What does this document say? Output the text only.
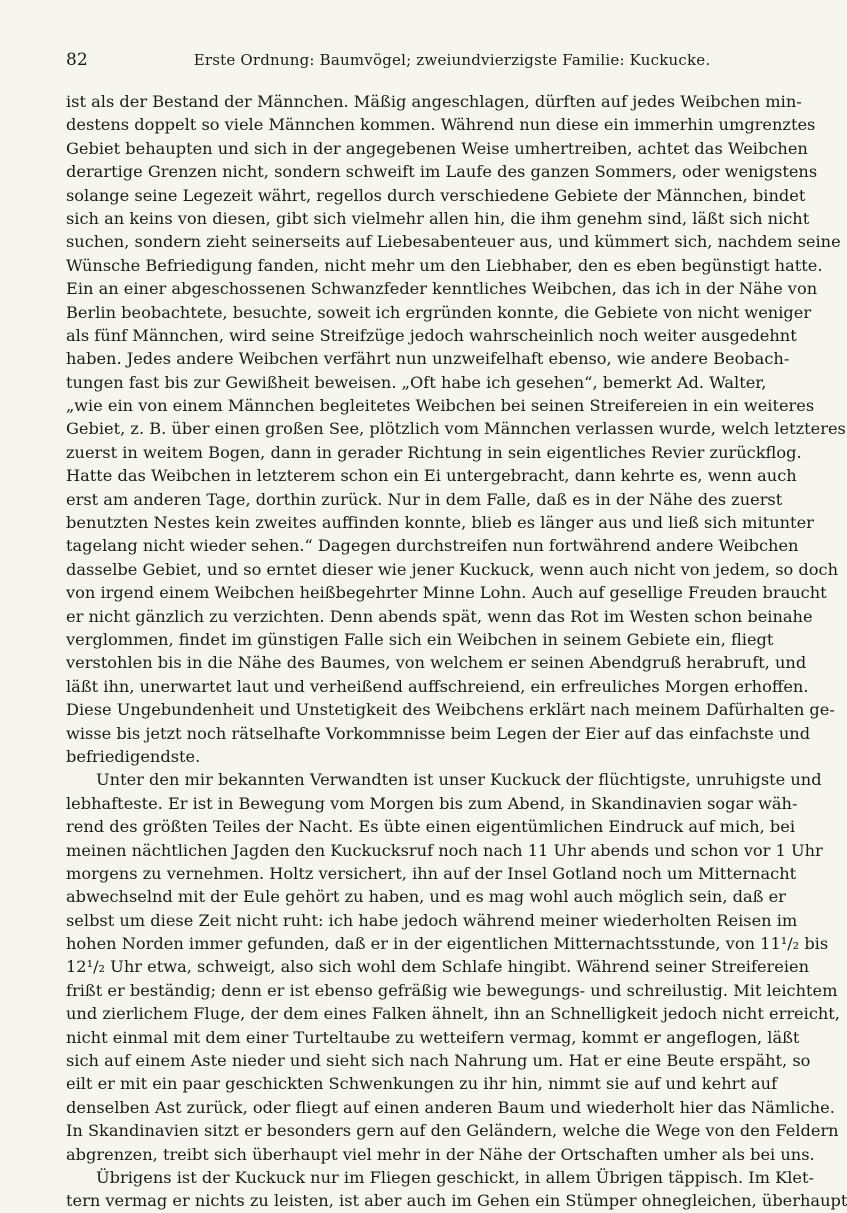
82	Erste Ordnung: Baumvögel; zweiundvierzigste Familie: Kuckucke.
ist als der Bestand der Männchen. Mäßig angeschlagen, dürften auf jedes Weibchen min-
destens doppelt so viele Männchen kommen. Während nun diese ein immerhin umgrenztes
Gebiet behaupten und sich in der angegebenen Weise umhertreiben, achtet das Weibchen
derartige Grenzen nicht, sondern schweift im Laufe des ganzen Sommers, oder wenigstens
solange seine Legezeit währt, regellos durch verschiedene Gebiete der Männchen, bindet
sich an keins von diesen, gibt sich vielmehr allen hin, die ihm genehm sind, läßt sich nicht
suchen, sondern zieht seinerseits auf Liebesabenteuer aus, und kümmert sich, nachdem seine
Wünsche Befriedigung fanden, nicht mehr um den Liebhaber, den es eben begünstigt hatte.
Ein an einer abgeschossenen Schwanzfeder kenntliches Weibchen, das ich in der Nähe von
Berlin beobachtete, besuchte, soweit ich ergründen konnte, die Gebiete von nicht weniger
als fünf Männchen, wird seine Streifzüge jedoch wahrscheinlich noch weiter ausgedehnt
haben. Jedes andere Weibchen verfährt nun unzweifelhaft ebenso, wie andere Beobach-
tungen fast bis zur Gewißheit beweisen. „Oft habe ich gesehen“, bemerkt Ad. Walter,
„wie ein von einem Männchen begleitetes Weibchen bei seinen Streifereien in ein weiteres
Gebiet, z. B. über einen großen See, plötzlich vom Männchen verlassen wurde, welch letzteres
zuerst in weitem Bogen, dann in gerader Richtung in sein eigentliches Revier zurückflog.
Hatte das Weibchen in letzterem schon ein Ei untergebracht, dann kehrte es, wenn auch
erst am anderen Tage, dorthin zurück. Nur in dem Falle, daß es in der Nähe des zuerst
benutzten Nestes kein zweites auffinden konnte, blieb es länger aus und ließ sich mitunter
tagelang nicht wieder sehen.“ Dagegen durchstreifen nun fortwährend andere Weibchen
dasselbe Gebiet, und so erntet dieser wie jener Kuckuck, wenn auch nicht von jedem, so doch
von irgend einem Weibchen heißbegehrter Minne Lohn. Auch auf gesellige Freuden braucht
er nicht gänzlich zu verzichten. Denn abends spät, wenn das Rot im Westen schon beinahe
verglommen, findet im günstigen Falle sich ein Weibchen in seinem Gebiete ein, fliegt
verstohlen bis in die Nähe des Baumes, von welchem er seinen Abendgruß herabruft, und
läßt ihn, unerwartet laut und verheißend auffschreiend, ein erfreuliches Morgen erhoffen.
Diese Ungebundenheit und Unstetigkeit des Weibchens erklärt nach meinem Dafürhalten ge-
wisse bis jetzt noch rätselhafte Vorkommnisse beim Legen der Eier auf das einfachste und
befriedigendste.
Unter den mir bekannten Verwandten ist unser Kuckuck der flüchtigste, unruhigste und
lebhafteste. Er ist in Bewegung vom Morgen bis zum Abend, in Skandinavien sogar wäh-
rend des größten Teiles der Nacht. Es übte einen eigentümlichen Eindruck auf mich, bei
meinen nächtlichen Jagden den Kuckucksruf noch nach 11 Uhr abends und schon vor 1 Uhr
morgens zu vernehmen. Holtz versichert, ihn auf der Insel Gotland noch um Mitternacht
abwechselnd mit der Eule gehört zu haben, und es mag wohl auch möglich sein, daß er
selbst um diese Zeit nicht ruht: ich habe jedoch während meiner wiederholten Reisen im
hohen Norden immer gefunden, daß er in der eigentlichen Mitternachtsstunde, von 11¹/₂ bis
12¹/₂ Uhr etwa, schweigt, also sich wohl dem Schlafe hingibt. Während seiner Streifereien
frißt er beständig; denn er ist ebenso gefräßig wie bewegungs- und schreilustig. Mit leichtem
und zierlichem Fluge, der dem eines Falken ähnelt, ihn an Schnelligkeit jedoch nicht erreicht,
nicht einmal mit dem einer Turteltaube zu wetteifern vermag, kommt er angeflogen, läßt
sich auf einem Aste nieder und sieht sich nach Nahrung um. Hat er eine Beute erspäht, so
eilt er mit ein paar geschickten Schwenkungen zu ihr hin, nimmt sie auf und kehrt auf
denselben Ast zurück, oder fliegt auf einen anderen Baum und wiederholt hier das Nämliche.
In Skandinavien sitzt er besonders gern auf den Geländern, welche die Wege von den Feldern
abgrenzen, treibt sich überhaupt viel mehr in der Nähe der Ortschaften umher als bei uns.
Übrigens ist der Kuckuck nur im Fliegen geschickt, in allem Übrigen täppisch. Im Klet-
tern vermag er nichts zu leisten, ist aber auch im Gehen ein Stümper ohnegleichen, überhaupt
